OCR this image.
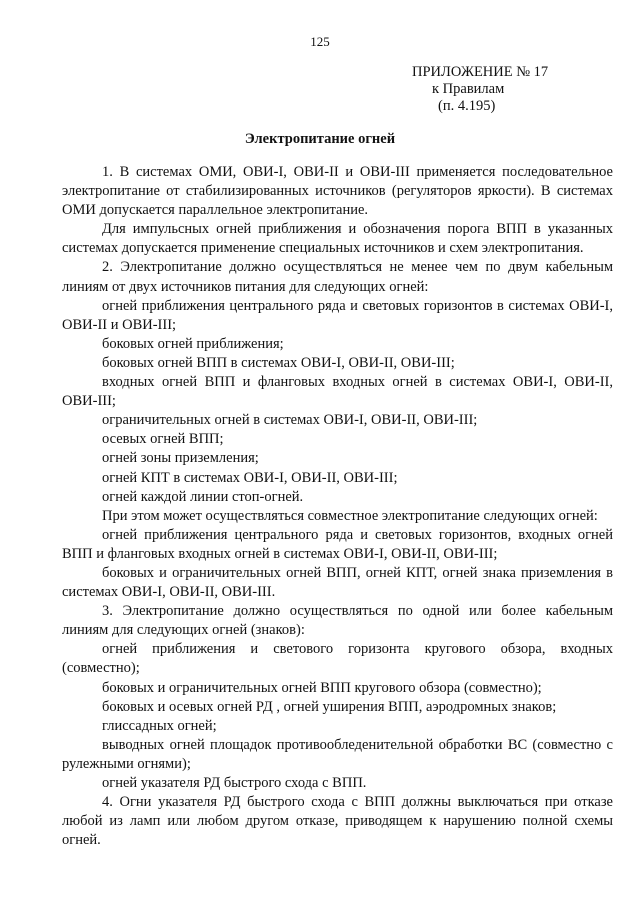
125
ПРИЛОЖЕНИЕ № 17
к Правилам
(п. 4.195)
Электропитание огней

1. В системах ОМИ, ОВИ-I, ОВИ-II и ОВИ-III применяется последовательное электропитание от стабилизированных источников (регуляторов яркости). В системах ОМИ допускается параллельное электропитание.

Для импульсных огней приближения и обозначения порога ВПП в указанных системах допускается применение специальных источников и схем электропитания.

2. Электропитание должно осуществляться не менее чем по двум кабельным линиям от двух источников питания для следующих огней:

огней приближения центрального ряда и световых горизонтов в системах ОВИ-I, ОВИ-II и ОВИ-III;

боковых огней приближения;

боковых огней ВПП в системах ОВИ-I, ОВИ-II, ОВИ-III;

входных огней ВПП и фланговых входных огней в системах ОВИ-I, ОВИ-II, ОВИ-III;

ограничительных огней в системах ОВИ-I, ОВИ-II, ОВИ-III;

осевых огней ВПП;

огней зоны приземления;

огней КПТ в системах ОВИ-I, ОВИ-II, ОВИ-III;

огней каждой линии стоп-огней.

При этом может осуществляться совместное электропитание следующих огней:

огней приближения центрального ряда и световых горизонтов, входных огней ВПП и фланговых входных огней в системах ОВИ-I, ОВИ-II, ОВИ-III;

боковых и ограничительных огней ВПП, огней КПТ, огней знака приземления в системах ОВИ-I, ОВИ-II, ОВИ-III.

3. Электропитание должно осуществляться по одной или более кабельным линиям для следующих огней (знаков):

огней приближения и светового горизонта кругового обзора, входных (совместно);

боковых и ограничительных огней ВПП кругового обзора (совместно);

боковых и осевых огней РД , огней уширения ВПП, аэродромных знаков;

глиссадных огней;

выводных огней площадок противообледенительной обработки ВС (совместно с рулежными огнями);

огней указателя РД быстрого схода с ВПП.

4. Огни указателя РД быстрого схода с ВПП должны выключаться при отказе любой из ламп или любом другом отказе, приводящем к нарушению полной схемы огней.
